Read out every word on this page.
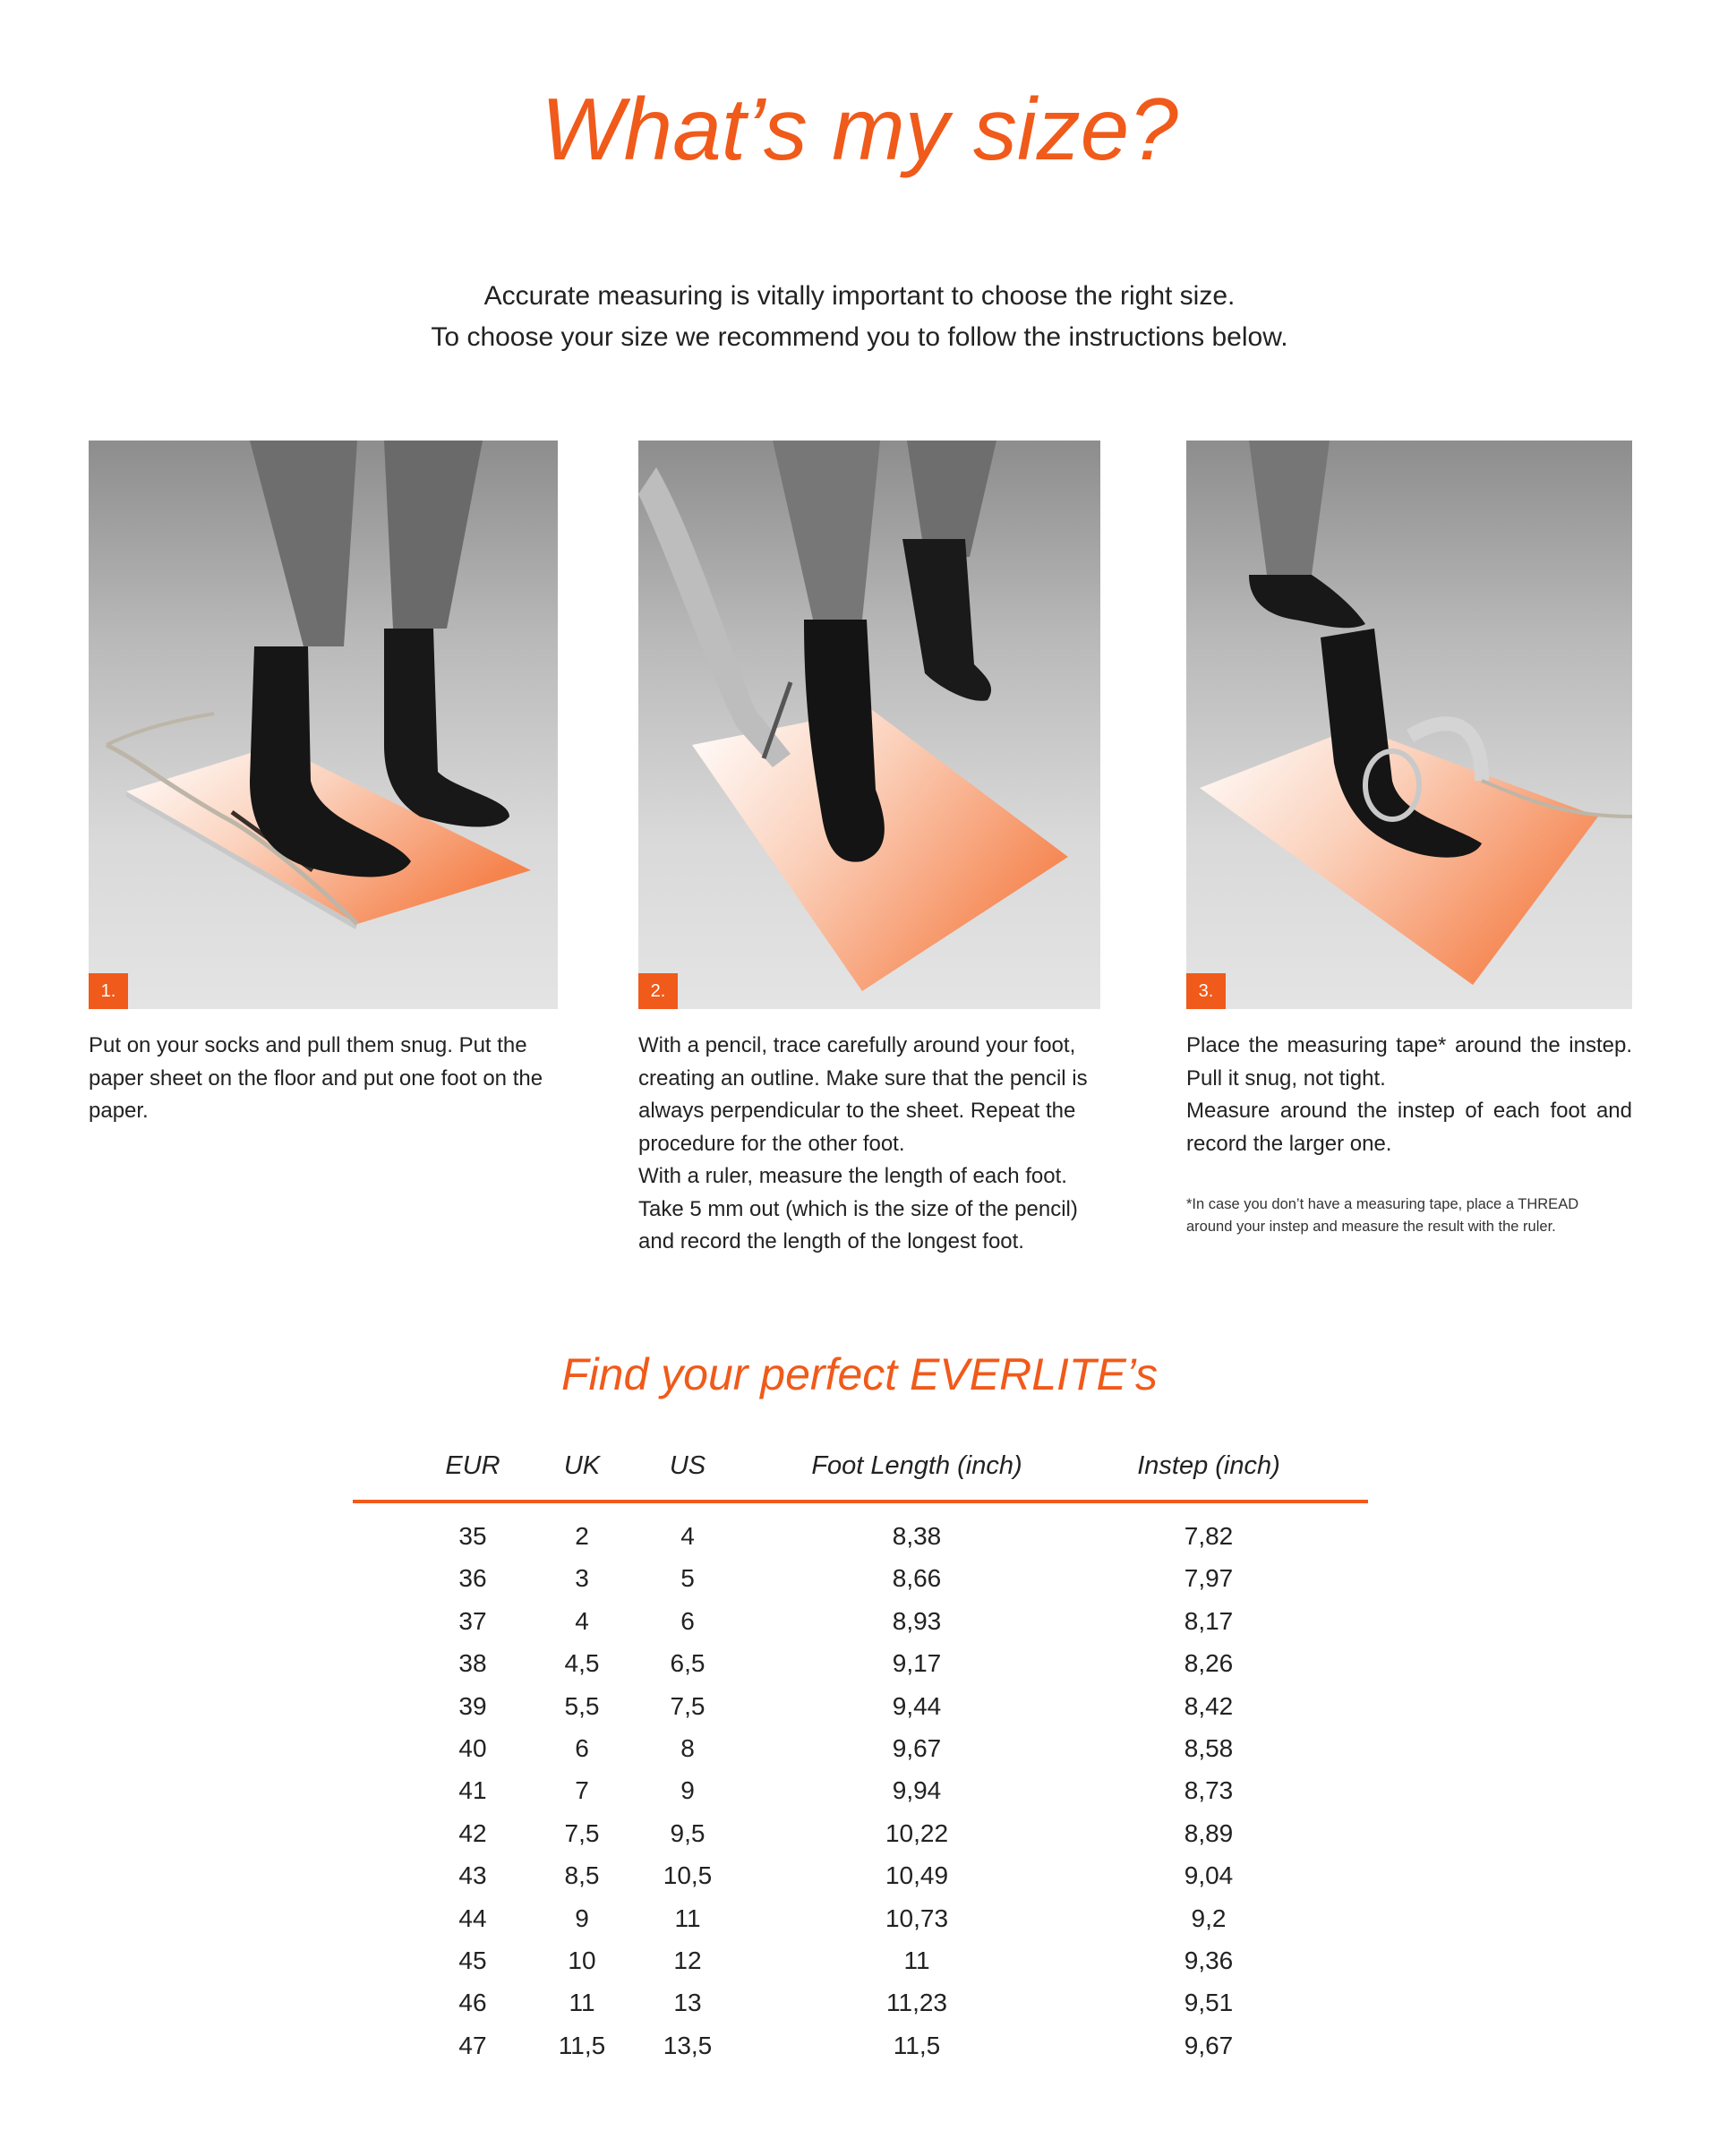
What’s my size?

Accurate measuring is vitally important to choose the right size.

To choose your size we recommend you to follow the instructions below.

1.	2.	3.

Put on your socks and pull them snug. Put the paper sheet on the floor and put one foot on the paper.

With a pencil, trace carefully around your foot, creating an outline. Make sure that the pencil is always perpendicular to the sheet. Repeat the procedure for the other foot.

With a ruler, measure the length of each foot. Take 5 mm out (which is the size of the pencil) and record the length of the longest foot.

Place the measuring tape* around the instep. Pull it snug, not tight.

Measure around the instep of each foot and record the larger one.

*In case you don’t have a measuring tape, place a THREAD
around your instep and measure the result with the ruler.
Find your perfect EVERLITE’s
EUR	UK	US	Foot Length (inch)	Instep (inch)
35	2	4	8,38	7,82
36	3	5	8,66	7,97
37	4	6	8,93	8,17
38	4,5	6,5	9,17	8,26
39	5,5	7,5	9,44	8,42
40	6	8	9,67	8,58
41	7	9	9,94	8,73
42	7,5	9,5	10,22	8,89
43	8,5	10,5	10,49	9,04
44	9	11	10,73	9,2
45	10	12	11	9,36
46	11	13	11,23	9,51
47	11,5	13,5	11,5	9,67
